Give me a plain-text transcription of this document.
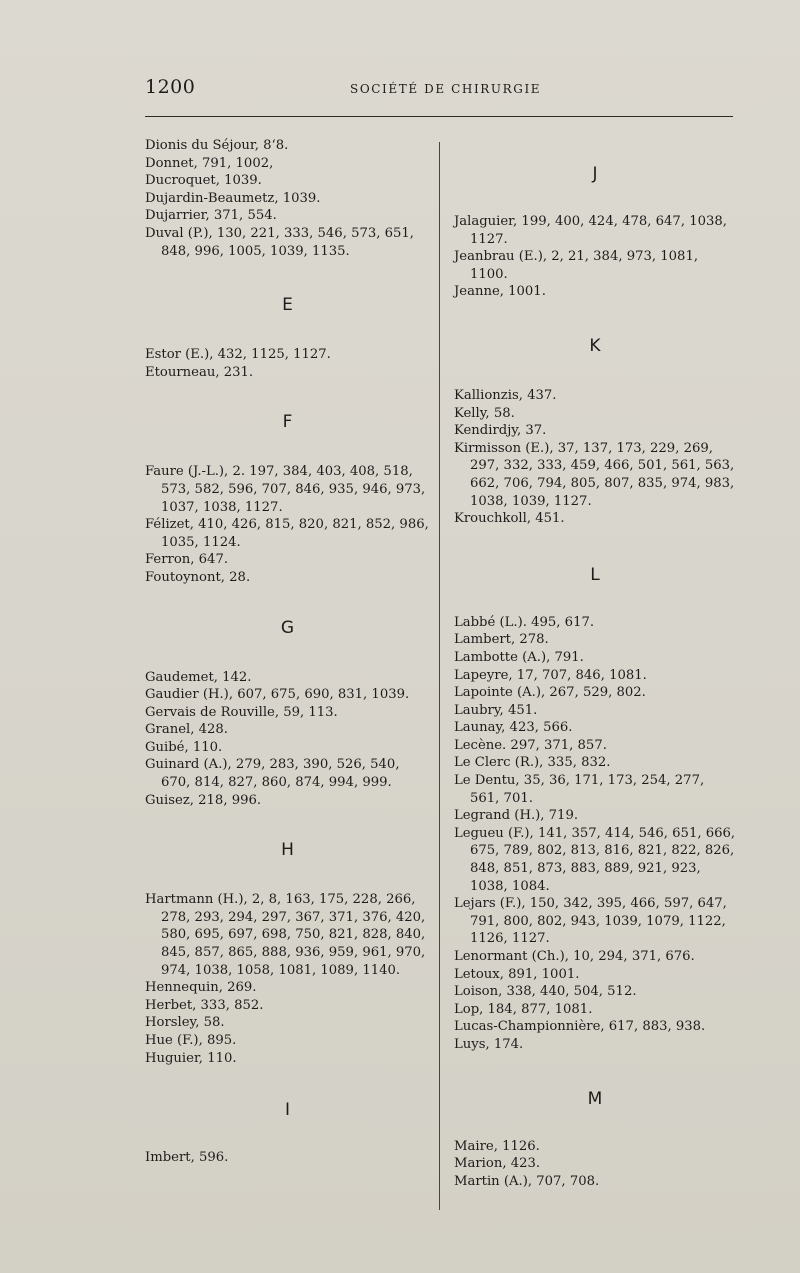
1200	SOCIÉTÉ DE CHIRURGIE
Dionis du Séjour, 8ʻ8.
Donnet, 791, 1002,
Ducroquet, 1039.
Dujardin-Beaumetz, 1039.
Dujarrier, 371, 554.
Duval (P.), 130, 221, 333, 546, 573, 651, 848, 996, 1005, 1039, 1135.
E
Estor (E.), 432, 1125, 1127.
Etourneau, 231.
F
Faure (J.-L.), 2. 197, 384, 403, 408, 518, 573, 582, 596, 707, 846, 935, 946, 973, 1037, 1038, 1127.
Félizet, 410, 426, 815, 820, 821, 852, 986, 1035, 1124.
Ferron, 647.
Foutoynont, 28.
G
Gaudemet, 142.
Gaudier (H.), 607, 675, 690, 831, 1039.
Gervais de Rouville, 59, 113.
Granel, 428.
Guibé, 110.
Guinard (A.), 279, 283, 390, 526, 540, 670, 814, 827, 860, 874, 994, 999.
Guisez, 218, 996.
H
Hartmann (H.), 2, 8, 163, 175, 228, 266, 278, 293, 294, 297, 367, 371, 376, 420, 580, 695, 697, 698, 750, 821, 828, 840, 845, 857, 865, 888, 936, 959, 961, 970, 974, 1038, 1058, 1081, 1089, 1140.
Hennequin, 269.
Herbet, 333, 852.
Horsley, 58.
Hue (F.), 895.
Huguier, 110.
I
Imbert, 596.
J
Jalaguier, 199, 400, 424, 478, 647, 1038, 1127.
Jeanbrau (E.), 2, 21, 384, 973, 1081, 1100.
Jeanne, 1001.
K
Kallionzis, 437.
Kelly, 58.
Kendirdjy, 37.
Kirmisson (E.), 37, 137, 173, 229, 269, 297, 332, 333, 459, 466, 501, 561, 563, 662, 706, 794, 805, 807, 835, 974, 983, 1038, 1039, 1127.
Krouchkoll, 451.
L
Labbé (L.). 495, 617.
Lambert, 278.
Lambotte (A.), 791.
Lapeyre, 17, 707, 846, 1081.
Lapointe (A.), 267, 529, 802.
Laubry, 451.
Launay, 423, 566.
Lecène. 297, 371, 857.
Le Clerc (R.), 335, 832.
Le Dentu, 35, 36, 171, 173, 254, 277, 561, 701.
Legrand (H.), 719.
Legueu (F.), 141, 357, 414, 546, 651, 666, 675, 789, 802, 813, 816, 821, 822, 826, 848, 851, 873, 883, 889, 921, 923, 1038, 1084.
Lejars (F.), 150, 342, 395, 466, 597, 647, 791, 800, 802, 943, 1039, 1079, 1122, 1126, 1127.
Lenormant (Ch.), 10, 294, 371, 676.
Letoux, 891, 1001.
Loison, 338, 440, 504, 512.
Lop, 184, 877, 1081.
Lucas-Championnière, 617, 883, 938.
Luys, 174.
M
Maire, 1126.
Marion, 423.
Martin (A.), 707, 708.
